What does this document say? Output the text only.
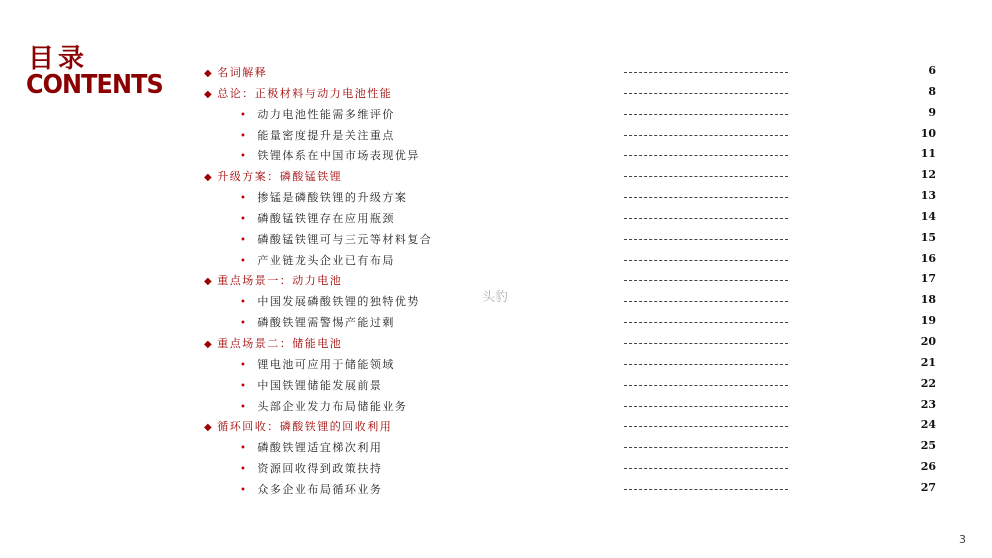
目录
CONTENTS	◆ 名词解释	6
◆ 总论：正极材料与动力电池性能	8
• 动力电池性能需多维评价	9
• 能量密度提升是关注重点	10
• 铁锂体系在中国市场表现优异	11
◆ 升级方案：磷酸锰铁锂	12
• 掺锰是磷酸铁锂的升级方案	13
• 磷酸锰铁锂存在应用瓶颈	14
• 磷酸锰铁锂可与三元等材料复合	15
• 产业链龙头企业已有布局	16
◆ 重点场景一：动力电池	17
• 中国发展磷酸铁锂的独特优势	18
• 磷酸铁锂需警惕产能过剩	19
◆ 重点场景二：储能电池	20
• 锂电池可应用于储能领域	21
• 中国铁锂储能发展前景	22
• 头部企业发力布局储能业务	23
◆ 循环回收：磷酸铁锂的回收利用	24
• 磷酸铁锂适宜梯次利用	25
• 资源回收得到政策扶持	26
• 众多企业布局循环业务	27
头豹
3
